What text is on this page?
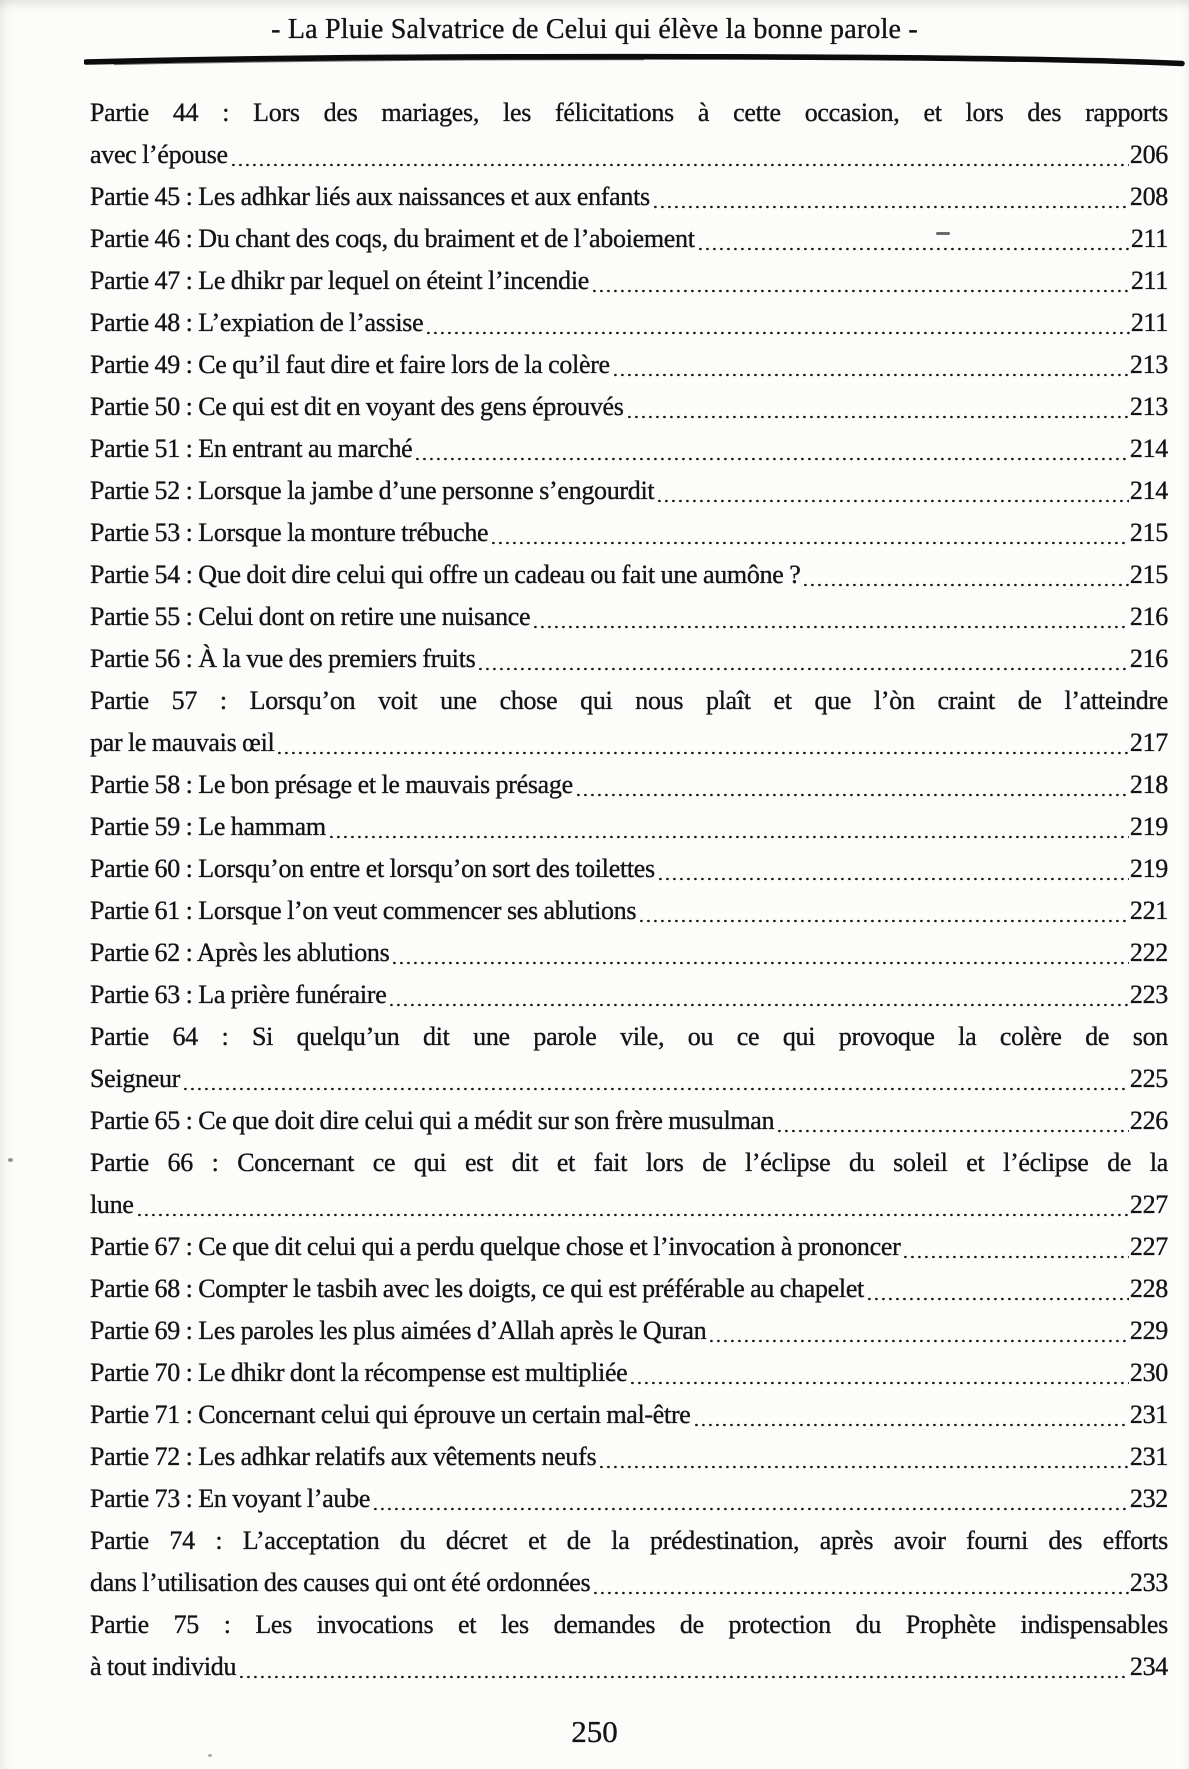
- La Pluie Salvatrice de Celui qui élève la bonne parole -
Partie 44 : Lors des mariages, les félicitations à cette occasion, et lors des rapports
avec l’épouse	206
Partie 45 : Les adhkar liés aux naissances et aux enfants	208
Partie 46 : Du chant des coqs, du braiment et de l’aboiement	211
Partie 47 : Le dhikr par lequel on éteint l’incendie	211
Partie 48 : L’expiation de l’assise	211
Partie 49 : Ce qu’il faut dire et faire lors de la colère	213
Partie 50 : Ce qui est dit en voyant des gens éprouvés	213
Partie 51 : En entrant au marché	214
Partie 52 : Lorsque la jambe d’une personne s’engourdit	214
Partie 53 : Lorsque la monture trébuche	215
Partie 54 : Que doit dire celui qui offre un cadeau ou fait une aumône ?	215
Partie 55 : Celui dont on retire une nuisance	216
Partie 56 : À la vue des premiers fruits	216
Partie 57 : Lorsqu’on voit une chose qui nous plaît et que l’òn craint de l’atteindre
par le mauvais œil	217
Partie 58 : Le bon présage et le mauvais présage	218
Partie 59 : Le hammam	219
Partie 60 : Lorsqu’on entre et lorsqu’on sort des toilettes	219
Partie 61 : Lorsque l’on veut commencer ses ablutions	221
Partie 62 : Après les ablutions	222
Partie 63 : La prière funéraire	223
Partie 64 : Si quelqu’un dit une parole vile, ou ce qui provoque la colère de son
Seigneur	225
Partie 65 : Ce que doit dire celui qui a médit sur son frère musulman	226
Partie 66 : Concernant ce qui est dit et fait lors de l’éclipse du soleil et l’éclipse de la
lune	227
Partie 67 : Ce que dit celui qui a perdu quelque chose et l’invocation à prononcer	227
Partie 68 : Compter le tasbih avec les doigts, ce qui est préférable au chapelet	228
Partie 69 : Les paroles les plus aimées d’Allah après le Quran	229
Partie 70 : Le dhikr dont la récompense est multipliée	230
Partie 71 : Concernant celui qui éprouve un certain mal-être	231
Partie 72 : Les adhkar relatifs aux vêtements neufs	231
Partie 73 : En voyant l’aube	232
Partie 74 : L’acceptation du décret et de la prédestination, après avoir fourni des efforts
dans l’utilisation des causes qui ont été ordonnées	233
Partie 75 : Les invocations et les demandes de protection du Prophète indispensables
à tout individu	234
250
